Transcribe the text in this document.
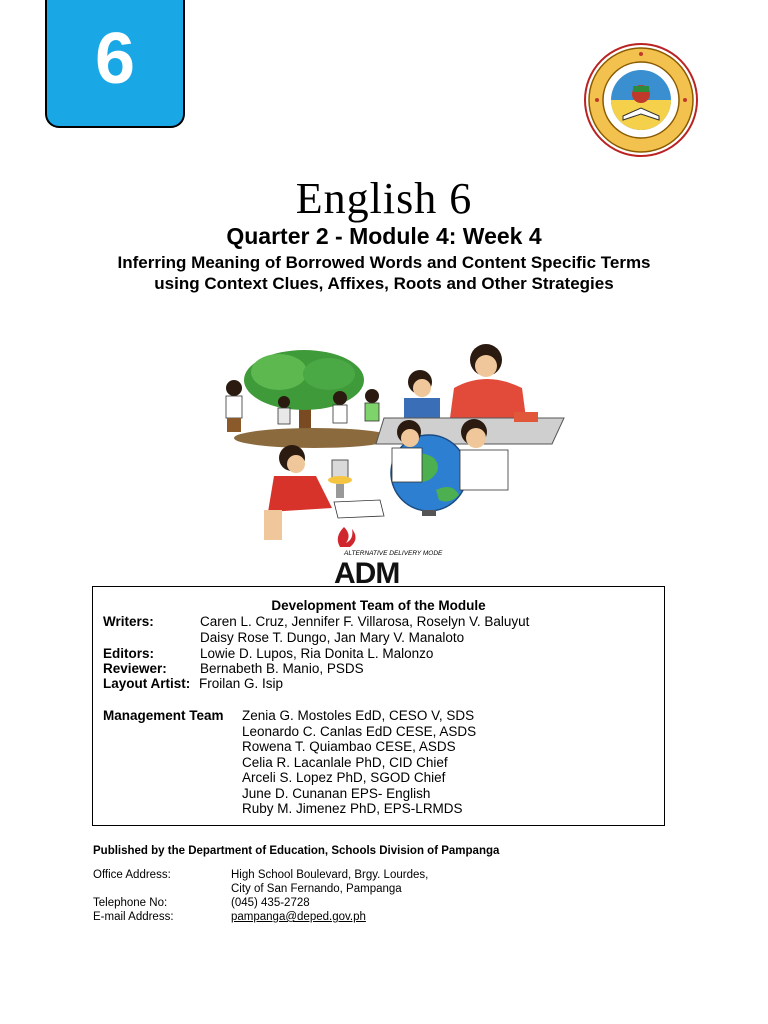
6
English 6
Quarter 2 - Module 4: Week 4
Inferring Meaning of Borrowed Words and Content Specific Terms using Context Clues, Affixes, Roots and Other Strategies
ALTERNATIVE DELIVERY MODE
ADM
Development Team of the Module
Writers:	Caren L. Cruz, Jennifer F. Villarosa, Roselyn V. Baluyut
Daisy Rose T. Dungo, Jan Mary V. Manaloto
Editors:	Lowie D. Lupos, Ria Donita L. Malonzo
Reviewer: Bernabeth B. Manio, PSDS
Layout Artist: Froilan G. Isip
Management Team Zenia G. Mostoles EdD, CESO V, SDS
Leonardo C. Canlas EdD CESE, ASDS
Rowena T. Quiambao CESE, ASDS
Celia R. Lacanlale PhD, CID Chief
Arceli S. Lopez PhD, SGOD Chief
June D. Cunanan EPS- English
Ruby M. Jimenez PhD, EPS-LRMDS
Published by the Department of Education, Schools Division of Pampanga
Office Address:	High School Boulevard, Brgy. Lourdes,
City of San Fernando, Pampanga
Telephone No:	(045) 435-2728
E-mail Address:	pampanga@deped.gov.ph
